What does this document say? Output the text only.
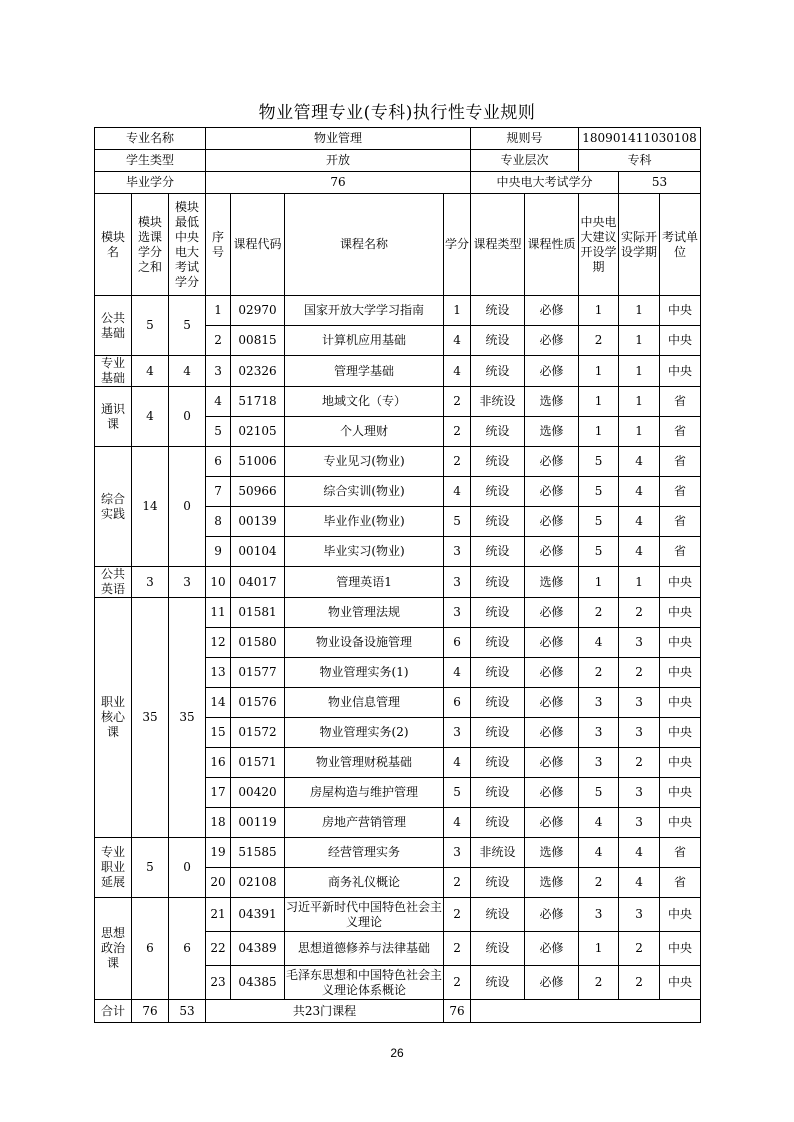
物业管理专业(专科)执行性专业规则
专业名称			物业管理				规则号		180901411030108		
学生类型			开放				专业层次		专科		
毕业学分			76				中央电大考试学分			53	
模块名	模块选课学分之和	模块最低中央电大考试学分	序号	课程代码	课程名称	学分	课程类型	课程性质	中央电大建议开设学期	实际开设学期	考试单位
公共基础	5	5	1	02970	国家开放大学学习指南	1	统设	必修	1	1	中央
			2	00815	计算机应用基础	4	统设	必修	2	1	中央
专业基础	4	4	3	02326	管理学基础	4	统设	必修	1	1	中央
通识课	4	0	4	51718	地域文化（专）	2	非统设	选修	1	1	省
			5	02105	个人理财	2	统设	选修	1	1	省
综合实践	14	0	6	51006	专业见习(物业)	2	统设	必修	5	4	省
			7	50966	综合实训(物业)	4	统设	必修	5	4	省
			8	00139	毕业作业(物业)	5	统设	必修	5	4	省
			9	00104	毕业实习(物业)	3	统设	必修	5	4	省
公共英语	3	3	10	04017	管理英语1	3	统设	选修	1	1	中央
职业核心课	35	35	11	01581	物业管理法规	3	统设	必修	2	2	中央
			12	01580	物业设备设施管理	6	统设	必修	4	3	中央
			13	01577	物业管理实务(1)	4	统设	必修	2	2	中央
			14	01576	物业信息管理	6	统设	必修	3	3	中央
			15	01572	物业管理实务(2)	3	统设	必修	3	3	中央
			16	01571	物业管理财税基础	4	统设	必修	3	2	中央
			17	00420	房屋构造与维护管理	5	统设	必修	5	3	中央
			18	00119	房地产营销管理	4	统设	必修	4	3	中央
专业职业延展	5	0	19	51585	经营管理实务	3	非统设	选修	4	4	省
			20	02108	商务礼仪概论	2	统设	选修	2	4	省
思想政治课	6	6	21	04391	习近平新时代中国特色社会主义理论	2	统设	必修	3	3	中央
			22	04389	思想道德修养与法律基础	2	统设	必修	1	2	中央
			23	04385	毛泽东思想和中国特色社会主义理论体系概论	2	统设	必修	2	2	中央
合计	76	53	共23门课程			76					
26
